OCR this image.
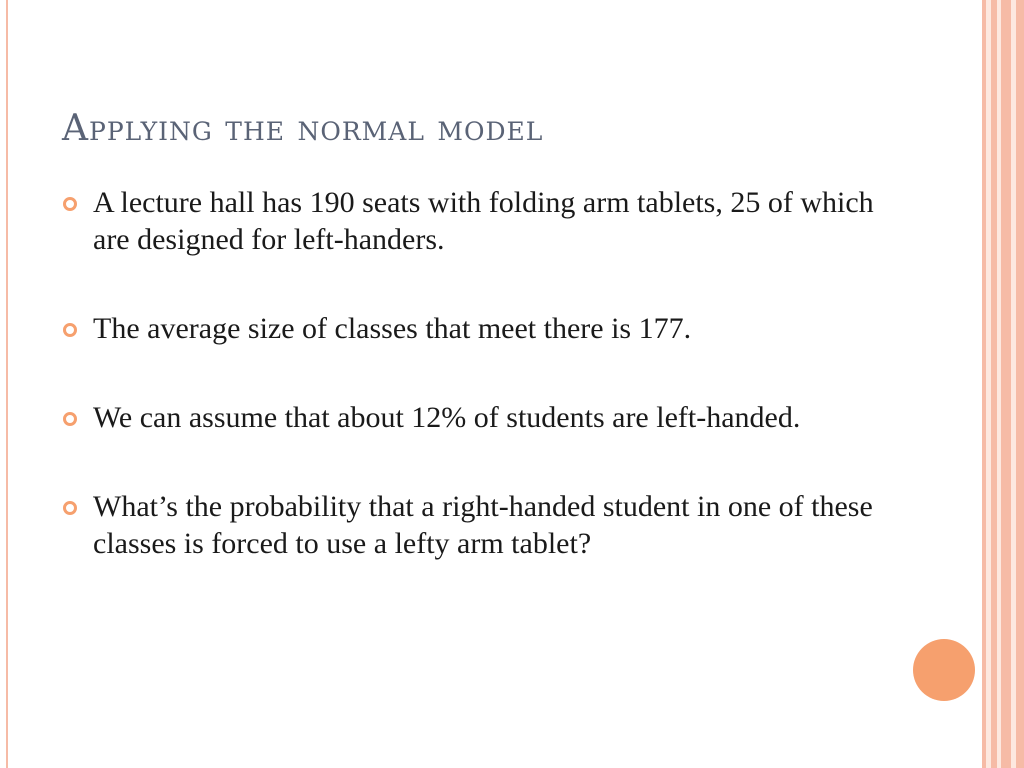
Applying the normal model
A lecture hall has 190 seats with folding arm tablets, 25 of which are designed for left-handers.
The average size of classes that meet there is 177.
We can assume that about 12% of students are left-handed.
What’s the probability that a right-handed student in one of these classes is forced to use a lefty arm tablet?
